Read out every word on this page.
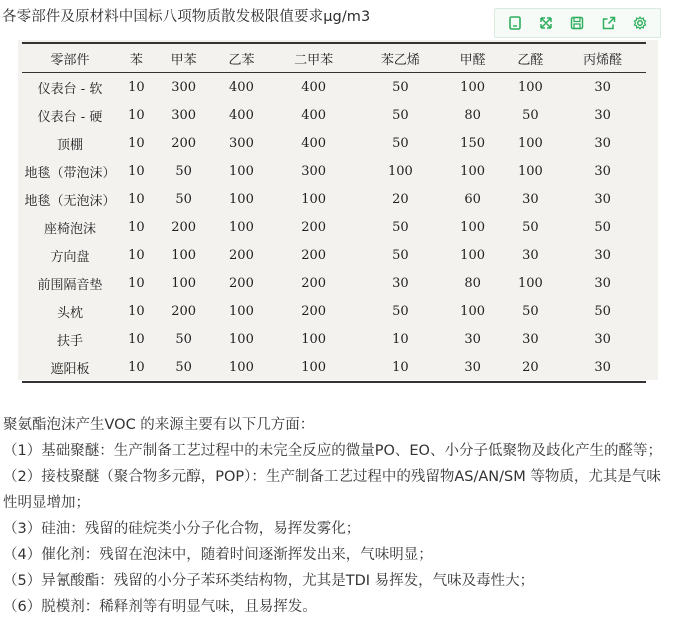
各零部件及原材料中国标八项物质散发极限值要求μg/m3
零部件	苯	甲苯	乙苯	二甲苯	苯乙烯	甲醛	乙醛	丙烯醛
仪表台 - 软	10	300	400	400	50	100	100	30
仪表台 - 硬	10	300	400	400	50	80	50	30
顶棚	10	200	300	400	50	150	100	30
地毯（带泡沫）	10	50	100	300	100	100	100	30
地毯（无泡沫）	10	50	100	100	20	60	30	30
座椅泡沫	10	200	100	200	50	100	50	50
方向盘	10	100	200	200	50	100	30	30
前围隔音垫	10	100	200	200	30	80	100	30
头枕	10	200	100	200	50	100	50	50
扶手	10	50	100	100	10	30	30	30
遮阳板	10	50	100	100	10	30	20	30

聚氨酯泡沫产生VOC 的来源主要有以下几方面：

（1）基础聚醚：生产制备工艺过程中的未完全反应的微量PO、EO、小分子低聚物及歧化产生的醛等；

（2）接枝聚醚（聚合物多元醇，POP）：生产制备工艺过程中的残留物AS/AN/SM 等物质，尤其是气味性明显增加；

（3）硅油：残留的硅烷类小分子化合物，易挥发雾化；

（4）催化剂：残留在泡沫中，随着时间逐渐挥发出来，气味明显；

（5）异氰酸酯：残留的小分子苯环类结构物，尤其是TDI 易挥发，气味及毒性大；

（6）脱模剂：稀释剂等有明显气味，且易挥发。
